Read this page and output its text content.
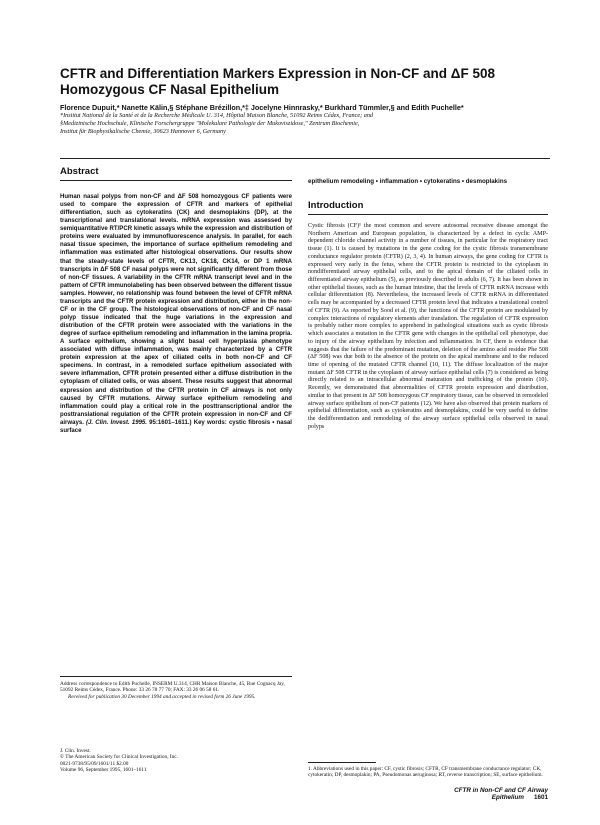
CFTR and Differentiation Markers Expression in Non-CF and ΔF 508
Homozygous CF Nasal Epithelium

Florence Dupuit,* Nanette Kälin,§ Stéphane Brézillon,*‡ Jocelyne Hinnrasky,* Burkhard Tümmler,§ and Edith Puchelle*

*Institut National de la Santé et de la Recherche Médicale U. 314, Hôpital Maison Blanche, 51092 Reims Cédex, France; and

§Medizinische Hochschule, Klinische Forschergruppe "Molekulare Pathologie der Mukoviszidose," Zentrum Biochemie,

Institut für Biophysikalische Chemie, 30623 Hannover 6, Germany

Abstract

Human nasal polyps from non-CF and ΔF 508 homozygous CF patients were used to compare the expression of CFTR and markers of epithelial differentiation, such as cytokeratins (CK) and desmoplakins (DP), at the transcriptional and translational levels. mRNA expression was assessed by semiquantitative RT/PCR kinetic assays while the expression and distribution of proteins were evaluated by immunofluorescence analysis. In parallel, for each nasal tissue specimen, the importance of surface epithelium remodeling and inflammation was estimated after histological observations. Our results show that the steady-state levels of CFTR, CK13, CK18, CK14, or DP 1 mRNA transcripts in ΔF 508 CF nasal polyps were not significantly different from those of non-CF tissues. A variability in the CFTR mRNA transcript level and in the pattern of CFTR immunolabeling has been observed between the different tissue samples. However, no relationship was found between the level of CFTR mRNA transcripts and the CFTR protein expression and distribution, either in the non-CF or in the CF group. The histological observations of non-CF and CF nasal polyp tissue indicated that the huge variations in the expression and distribution of the CFTR protein were associated with the variations in the degree of surface epithelium remodeling and inflammation in the lamina propria. A surface epithelium, showing a slight basal cell hyperplasia phenotype associated with diffuse inflammation, was mainly characterized by a CFTR protein expression at the apex of ciliated cells in both non-CF and CF specimens. In contrast, in a remodeled surface epithelium associated with severe inflammation, CFTR protein presented either a diffuse distribution in the cytoplasm of ciliated cells, or was absent. These results suggest that abnormal expression and distribution of the CFTR protein in CF airways is not only caused by CFTR mutations. Airway surface epithelium remodeling and inflammation could play a critical role in the posttranscriptional and/or the posttranslational regulation of the CFTR protein expression in non-CF and CF airways. (J. Clin. Invest. 1995. 95:1601–1611.) Key words: cystic fibrosis • nasal surface

Address correspondence to Edith Puchelle, INSERM U.314, CHR Maison Blanche, 45, Rue Cognacq Jay, 51092 Reims Cédex, France. Phone: 33 26 78 77 70; FAX: 33 26 06 58 61.

Received for publication 30 December 1994 and accepted in revised form 26 June 1995.

J. Clin. Invest.

© The American Society for Clinical Investigation, Inc.

0021-9738/95/09/1601/11 $2.00

Volume 96, September 1995, 1601–1611

epithelium remodeling • inflammation • cytokeratins • desmoplakins

Introduction

Cystic fibrosis (CF)¹ the most common and severe autosomal recessive disease amongst the Northern American and European population, is characterized by a defect in cyclic AMP-dependent chloride channel activity in a number of tissues, in particular for the respiratory tract tissue (1). It is caused by mutations in the gene coding for the cystic fibrosis transmembrane conductance regulator protein (CFTR) (2, 3, 4). In human airways, the gene coding for CFTR is expressed very early in the fetus, where the CFTR protein is restricted to the cytoplasm in nondifferentiated airway epithelial cells, and to the apical domain of the ciliated cells in differentiated airway epithelium (5), as previously described in adults (6, 7). It has been shown in other epithelial tissues, such as the human intestine, that the levels of CFTR mRNA increase with cellular differentiation (8). Nevertheless, the increased levels of CFTR mRNA in differentiated cells may be accompanied by a decreased CFTR protein level that indicates a translational control of CFTR (9). As reported by Sood et al. (9), the functions of the CFTR protein are modulated by complex interactions of regulatory elements after translation. The regulation of CFTR expression is probably rather more complex to apprehend in pathological situations such as cystic fibrosis which associates a mutation in the CFTR gene with changes in the epithelial cell phenotype, due to injury of the airway epithelium by infection and inflammation. In CF, there is evidence that suggests that the failure of the predominant mutation, deletion of the amino acid residue Phe 508 (ΔF 508) was due both to the absence of the protein on the apical membrane and to the reduced time of opening of the mutated CFTR channel (10, 11). The diffuse localization of the major mutant ΔF 508 CFTR in the cytoplasm of airway surface epithelial cells (7) is considered as being directly related to an intracellular abnormal maturation and trafficking of the protein (10). Recently, we demonstrated that abnormalities of CFTR protein expression and distribution, similar to that present in ΔF 508 homozygous CF respiratory tissue, can be observed in remodeled airway surface epithelium of non-CF patients (12). We have also observed that protein markers of epithelial differentiation, such as cytokeratins and desmoplakins, could be very useful to define the dedifferentiation and remodeling of the airway surface epithelial cells observed in nasal polyps

1. Abbreviations used in this paper: CF, cystic fibrosis; CFTR, CF transmembrane conductance regulator; CK, cytokeratin; DP, desmoplakin; PA, Pseudomonas aeruginosa; RT, reverse transcription; SE, surface epithelium.

CFTR in Non-CF and CF Airway Epithelium 1601
